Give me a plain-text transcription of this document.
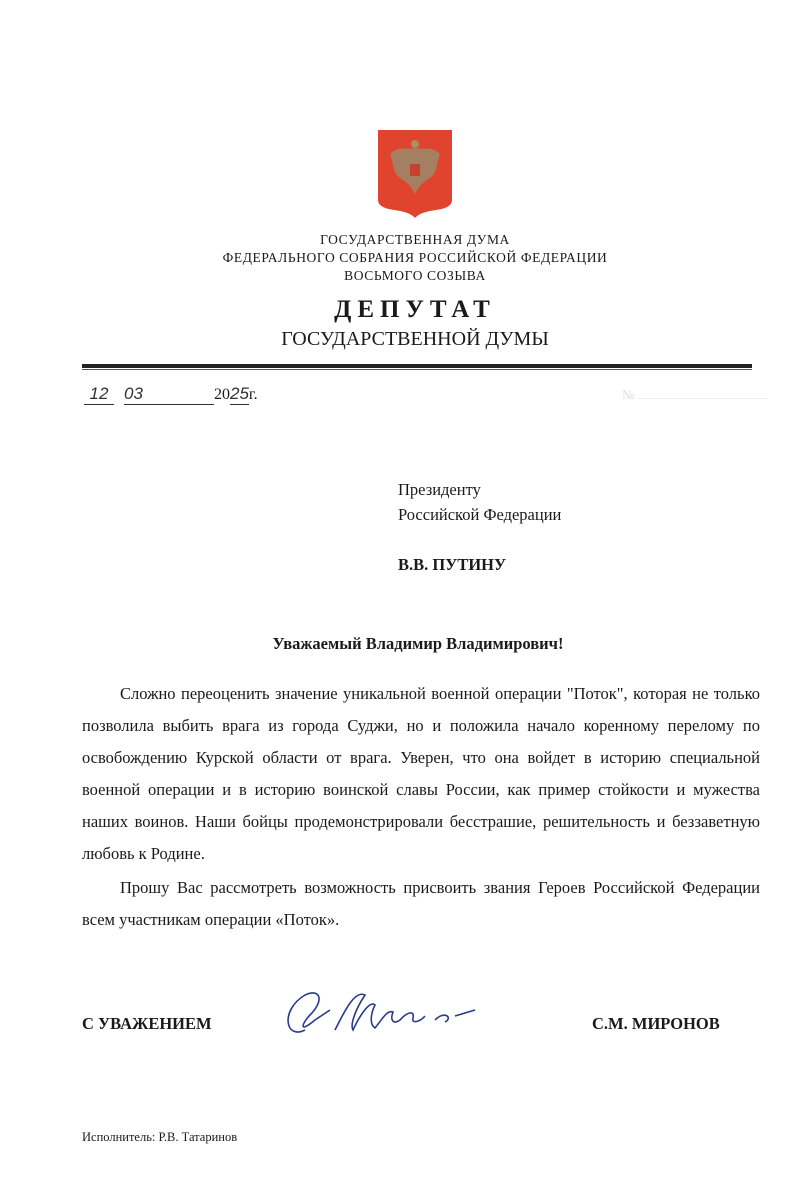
ГОСУДАРСТВЕННАЯ ДУМА
ФЕДЕРАЛЬНОГО СОБРАНИЯ РОССИЙСКОЙ ФЕДЕРАЦИИ
ВОСЬМОГО СОЗЫВА
ДЕПУТАТ
ГОСУДАРСТВЕННОЙ ДУМЫ
12 03	2025г.	№
Президенту
Российской Федерации
В.В. ПУТИНУ
Уважаемый Владимир Владимирович!

Сложно переоценить значение уникальной военной операции "Поток", которая не только позволила выбить врага из города Суджи, но и положила начало коренному перелому по освобождению Курской области от врага. Уверен, что она войдет в историю специальной военной операции и в историю воинской славы России, как пример стойкости и мужества наших воинов. Наши бойцы продемонстрировали бесстрашие, решительность и беззаветную любовь к Родине.

Прошу Вас рассмотреть возможность присвоить звания Героев Российской Федерации всем участникам операции «Поток».

С УВАЖЕНИЕМ	С.М. МИРОНОВ
Исполнитель: Р.В. Татаринов
